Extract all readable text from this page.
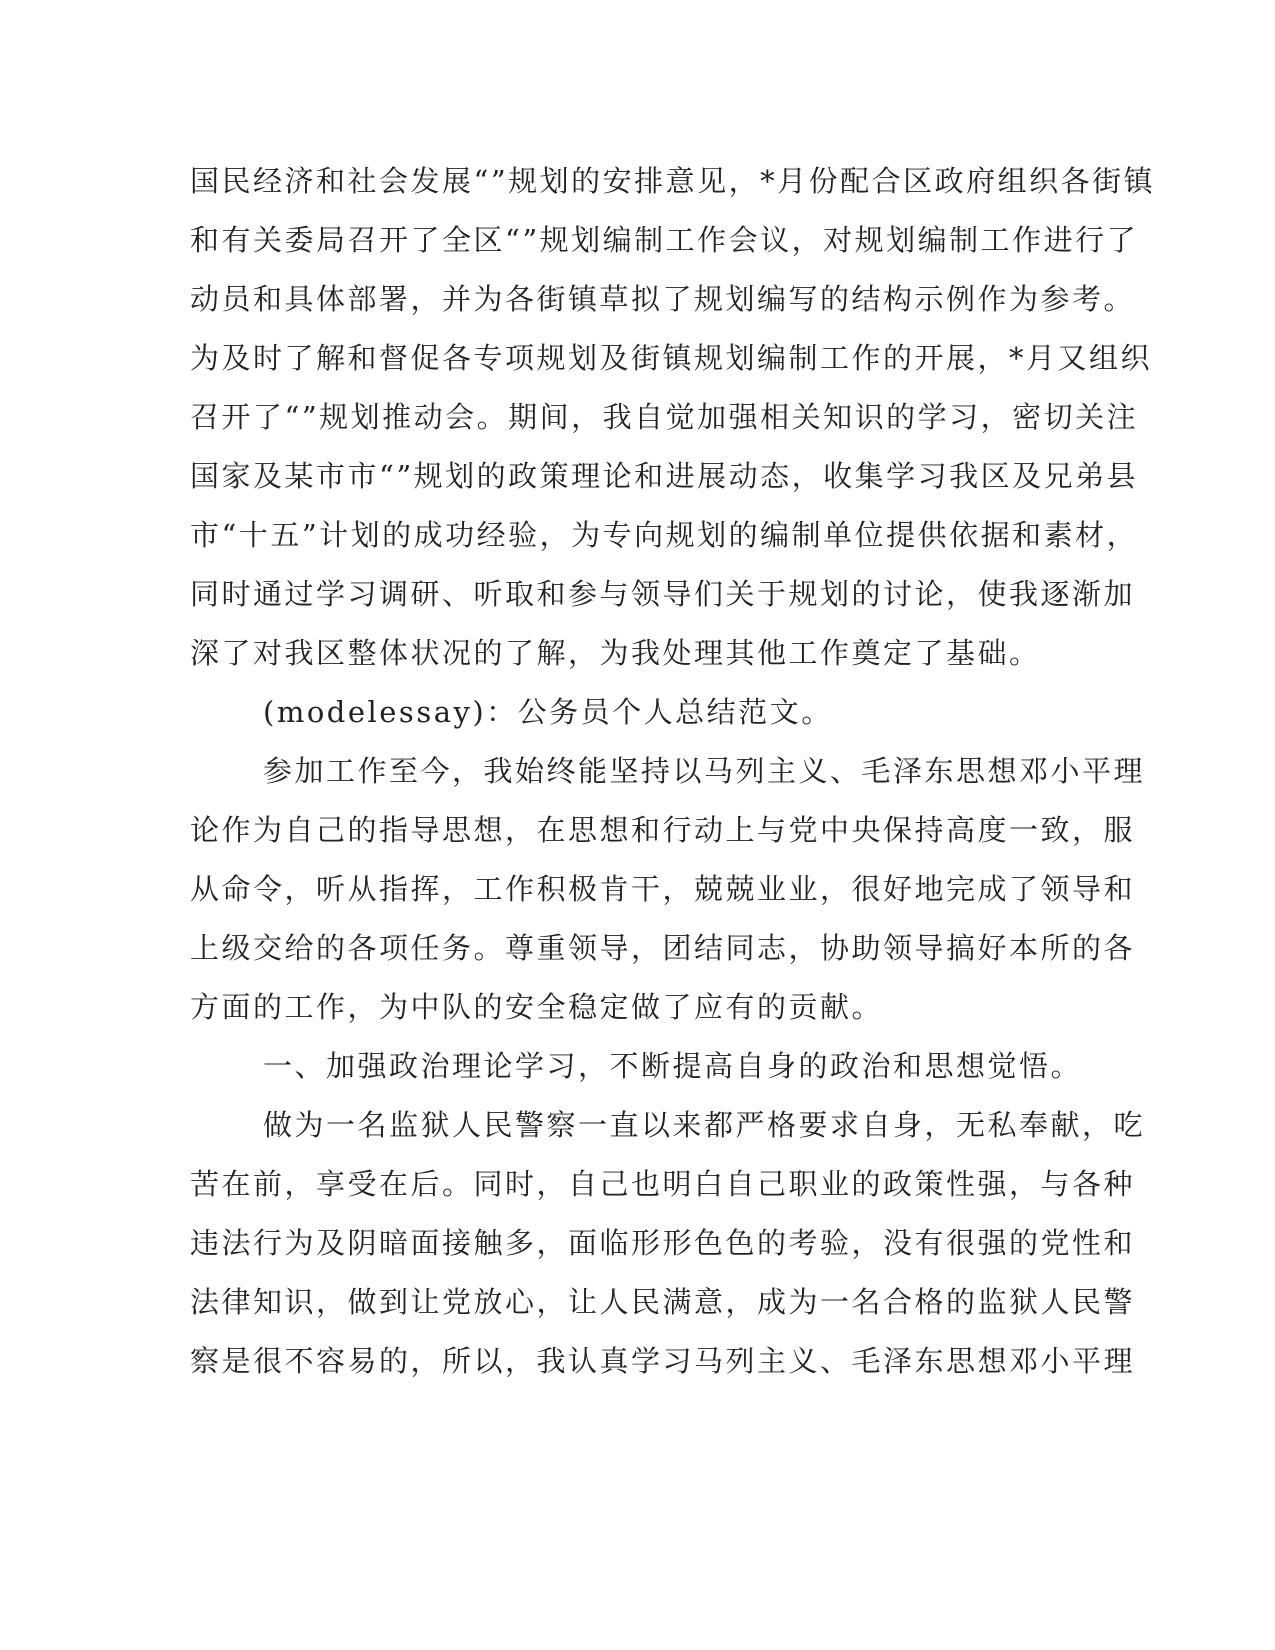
国民经济和社会发展“”规划的安排意见，*月份配合区政府组织各街镇
和有关委局召开了全区“”规划编制工作会议，对规划编制工作进行了
动员和具体部署，并为各街镇草拟了规划编写的结构示例作为参考。
为及时了解和督促各专项规划及街镇规划编制工作的开展，*月又组织
召开了“”规划推动会。期间，我自觉加强相关知识的学习，密切关注
国家及某市市“”规划的政策理论和进展动态，收集学习我区及兄弟县
市“十五”计划的成功经验，为专向规划的编制单位提供依据和素材，
同时通过学习调研、听取和参与领导们关于规划的讨论，使我逐渐加
深了对我区整体状况的了解，为我处理其他工作奠定了基础。
(modelessay)：公务员个人总结范文。
参加工作至今，我始终能坚持以马列主义、毛泽东思想邓小平理
论作为自己的指导思想，在思想和行动上与党中央保持高度一致，服
从命令，听从指挥，工作积极肯干，兢兢业业，很好地完成了领导和
上级交给的各项任务。尊重领导，团结同志，协助领导搞好本所的各
方面的工作，为中队的安全稳定做了应有的贡献。
一、加强政治理论学习，不断提高自身的政治和思想觉悟。
做为一名监狱人民警察一直以来都严格要求自身，无私奉献，吃
苦在前，享受在后。同时，自己也明白自己职业的政策性强，与各种
违法行为及阴暗面接触多，面临形形色色的考验，没有很强的党性和
法律知识，做到让党放心，让人民满意，成为一名合格的监狱人民警
察是很不容易的，所以，我认真学习马列主义、毛泽东思想邓小平理
